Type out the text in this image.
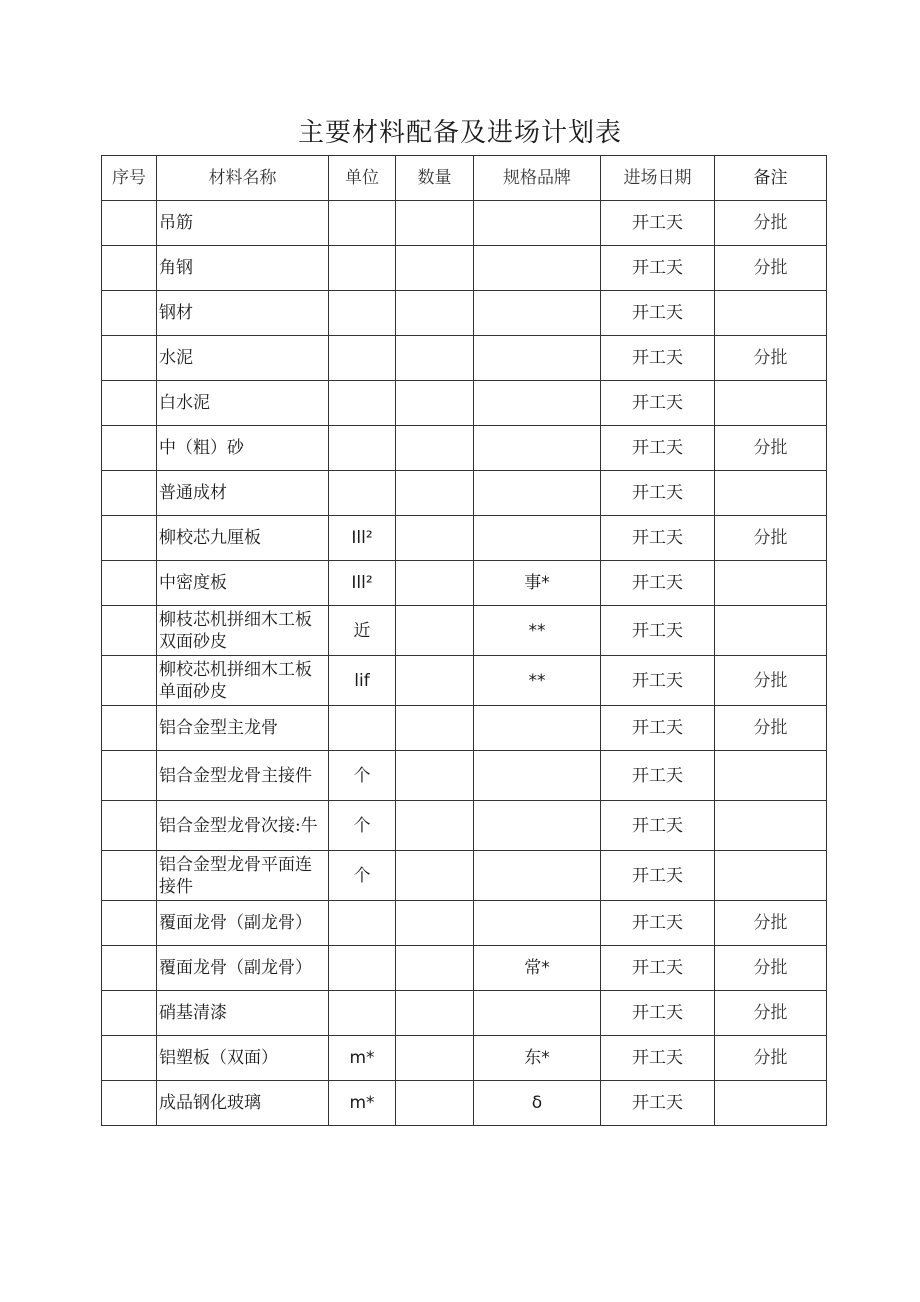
主要材料配备及进场计划表
序号	材料名称	单位	数量	规格品牌	进场日期	备注
	吊筋				开工天	分批
	角钢				开工天	分批
	钢材				开工天	
	水泥				开工天	分批
	白水泥				开工天	
	中（粗）砂				开工天	分批
	普通成材				开工天	
	柳校芯九厘板	Ill²			开工天	分批
	中密度板	Ill²		事*	开工天	
	柳枝芯机拼细木工板双面砂皮	近		**	开工天	
	柳校芯机拼细木工板单面砂皮	lif		**	开工天	分批
	铝合金型主龙骨				开工天	分批
	铝合金型龙骨主接件	个			开工天	
	铝合金型龙骨次接:牛	个			开工天	
	铝合金型龙骨平面连接件	个			开工天	
	覆面龙骨（副龙骨）				开工天	分批
	覆面龙骨（副龙骨）			常*	开工天	分批
	硝基清漆				开工天	分批
	铝塑板（双面）	m*		东*	开工天	分批
	成品钢化玻璃	m*		δ	开工天	
